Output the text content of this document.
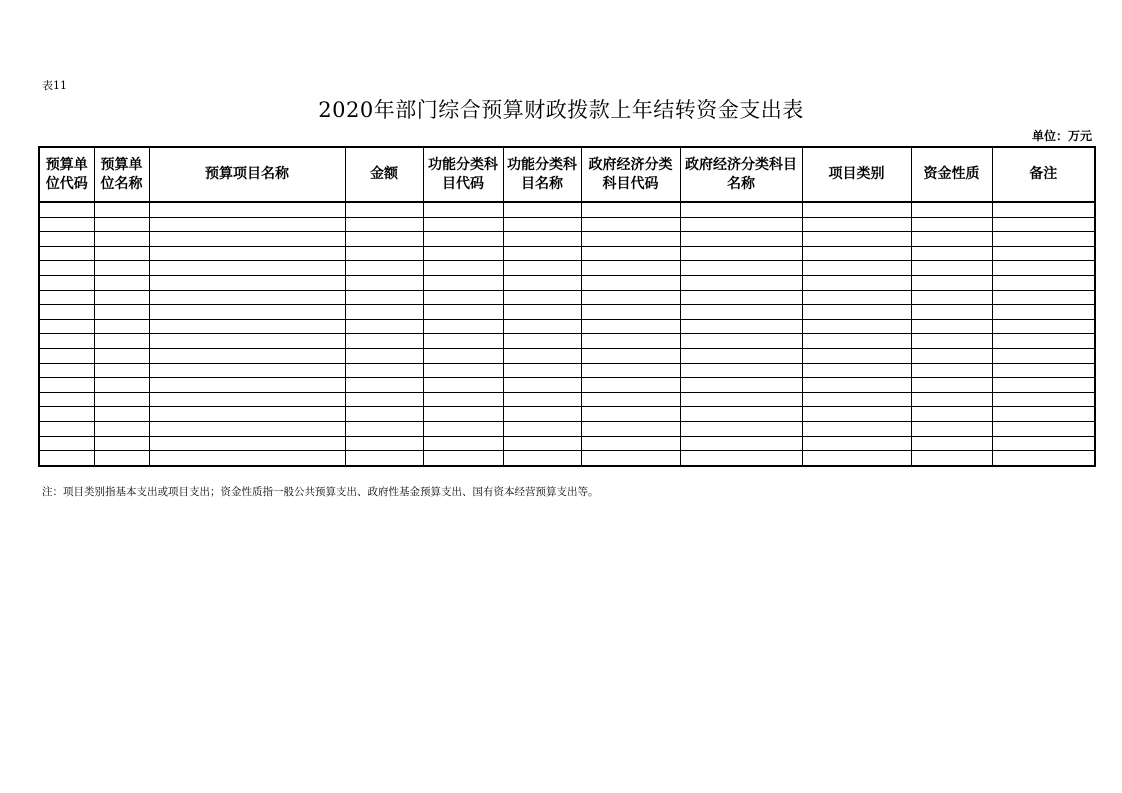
表11
2020年部门综合预算财政拨款上年结转资金支出表
单位：万元
预算单位代码	预算单位名称	预算项目名称	金额	功能分类科目代码	功能分类科目名称	政府经济分类科目代码	政府经济分类科目名称	项目类别	资金性质	备注

注：项目类别指基本支出或项目支出；资金性质指一般公共预算支出、政府性基金预算支出、国有资本经营预算支出等。
